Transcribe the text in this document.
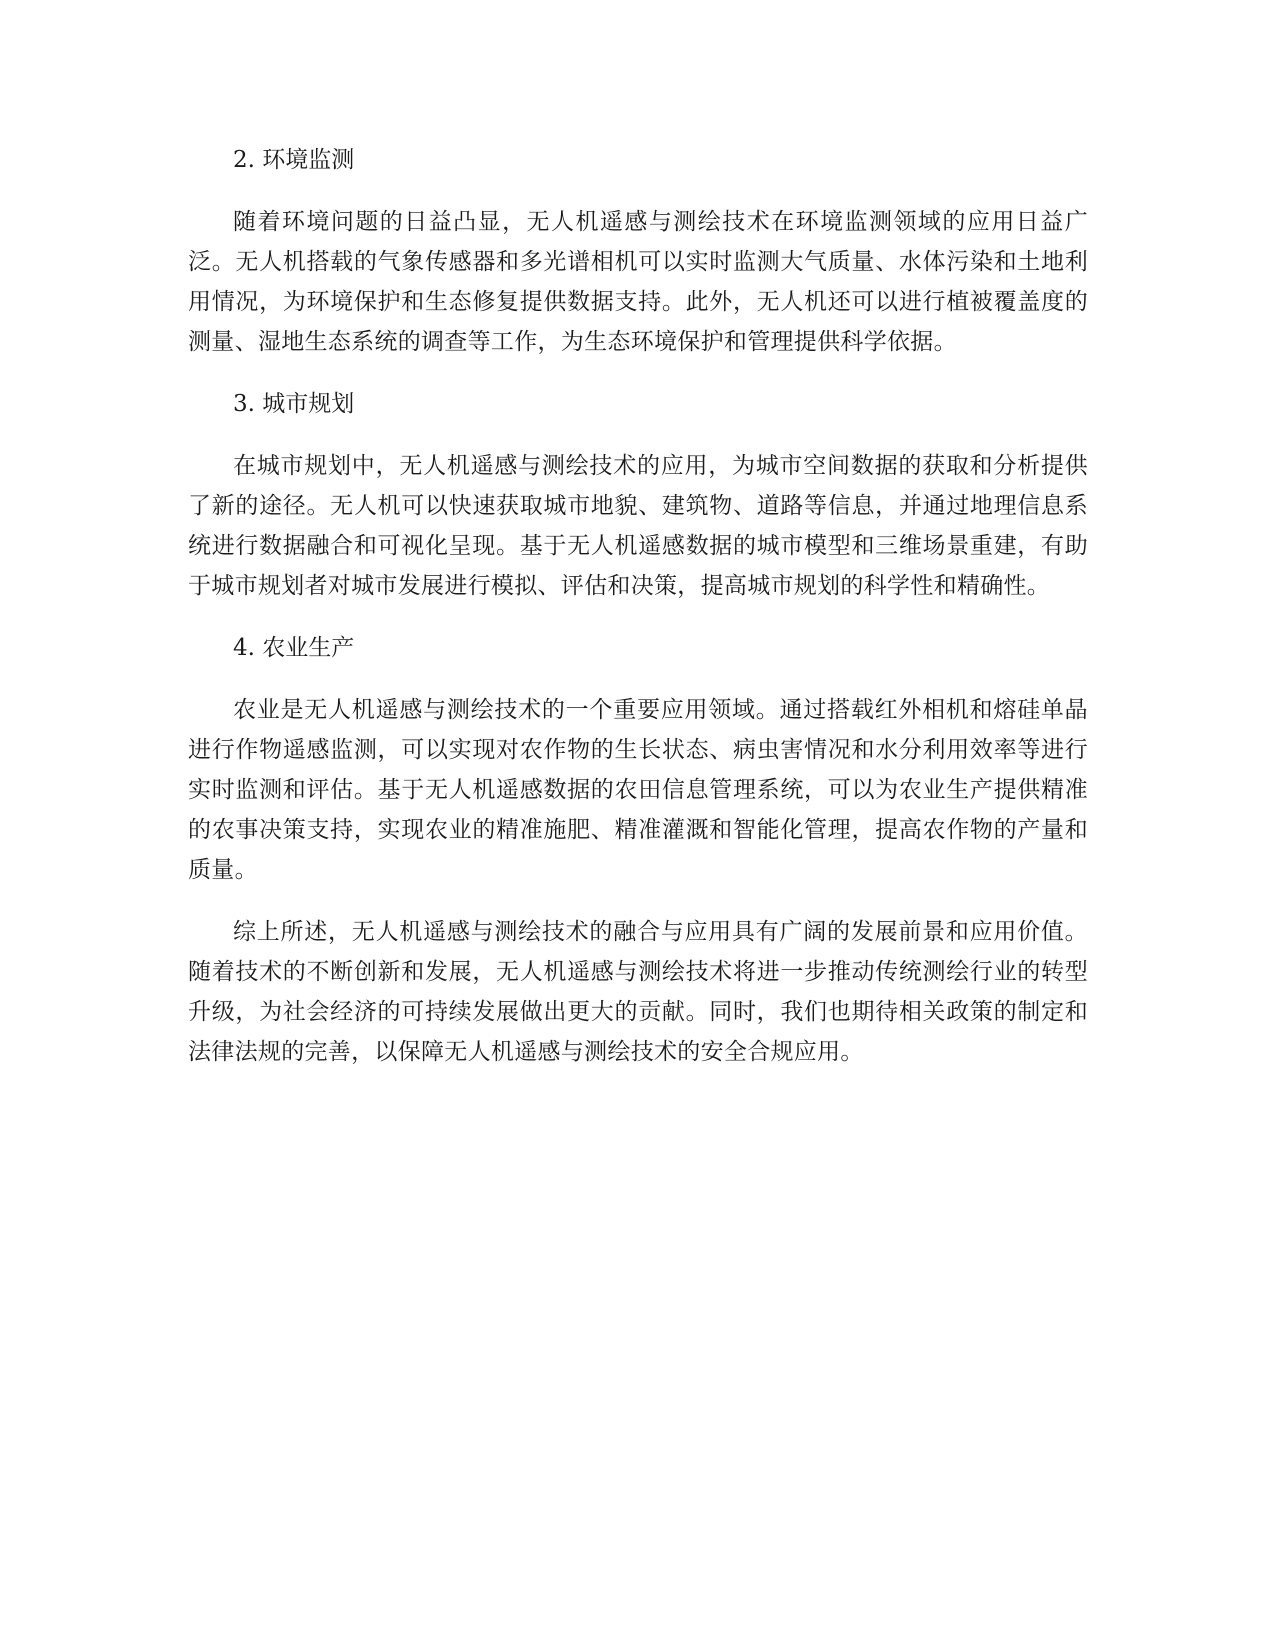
2. 环境监测

随着环境问题的日益凸显，无人机遥感与测绘技术在环境监测领域的应用日益广泛。无人机搭载的气象传感器和多光谱相机可以实时监测大气质量、水体污染和土地利用情况，为环境保护和生态修复提供数据支持。此外，无人机还可以进行植被覆盖度的测量、湿地生态系统的调查等工作，为生态环境保护和管理提供科学依据。

3. 城市规划

在城市规划中，无人机遥感与测绘技术的应用，为城市空间数据的获取和分析提供了新的途径。无人机可以快速获取城市地貌、建筑物、道路等信息，并通过地理信息系统进行数据融合和可视化呈现。基于无人机遥感数据的城市模型和三维场景重建，有助于城市规划者对城市发展进行模拟、评估和决策，提高城市规划的科学性和精确性。

4. 农业生产

农业是无人机遥感与测绘技术的一个重要应用领域。通过搭载红外相机和熔硅单晶进行作物遥感监测，可以实现对农作物的生长状态、病虫害情况和水分利用效率等进行实时监测和评估。基于无人机遥感数据的农田信息管理系统，可以为农业生产提供精准的农事决策支持，实现农业的精准施肥、精准灌溉和智能化管理，提高农作物的产量和质量。

综上所述，无人机遥感与测绘技术的融合与应用具有广阔的发展前景和应用价值。随着技术的不断创新和发展，无人机遥感与测绘技术将进一步推动传统测绘行业的转型升级，为社会经济的可持续发展做出更大的贡献。同时，我们也期待相关政策的制定和法律法规的完善，以保障无人机遥感与测绘技术的安全合规应用。
